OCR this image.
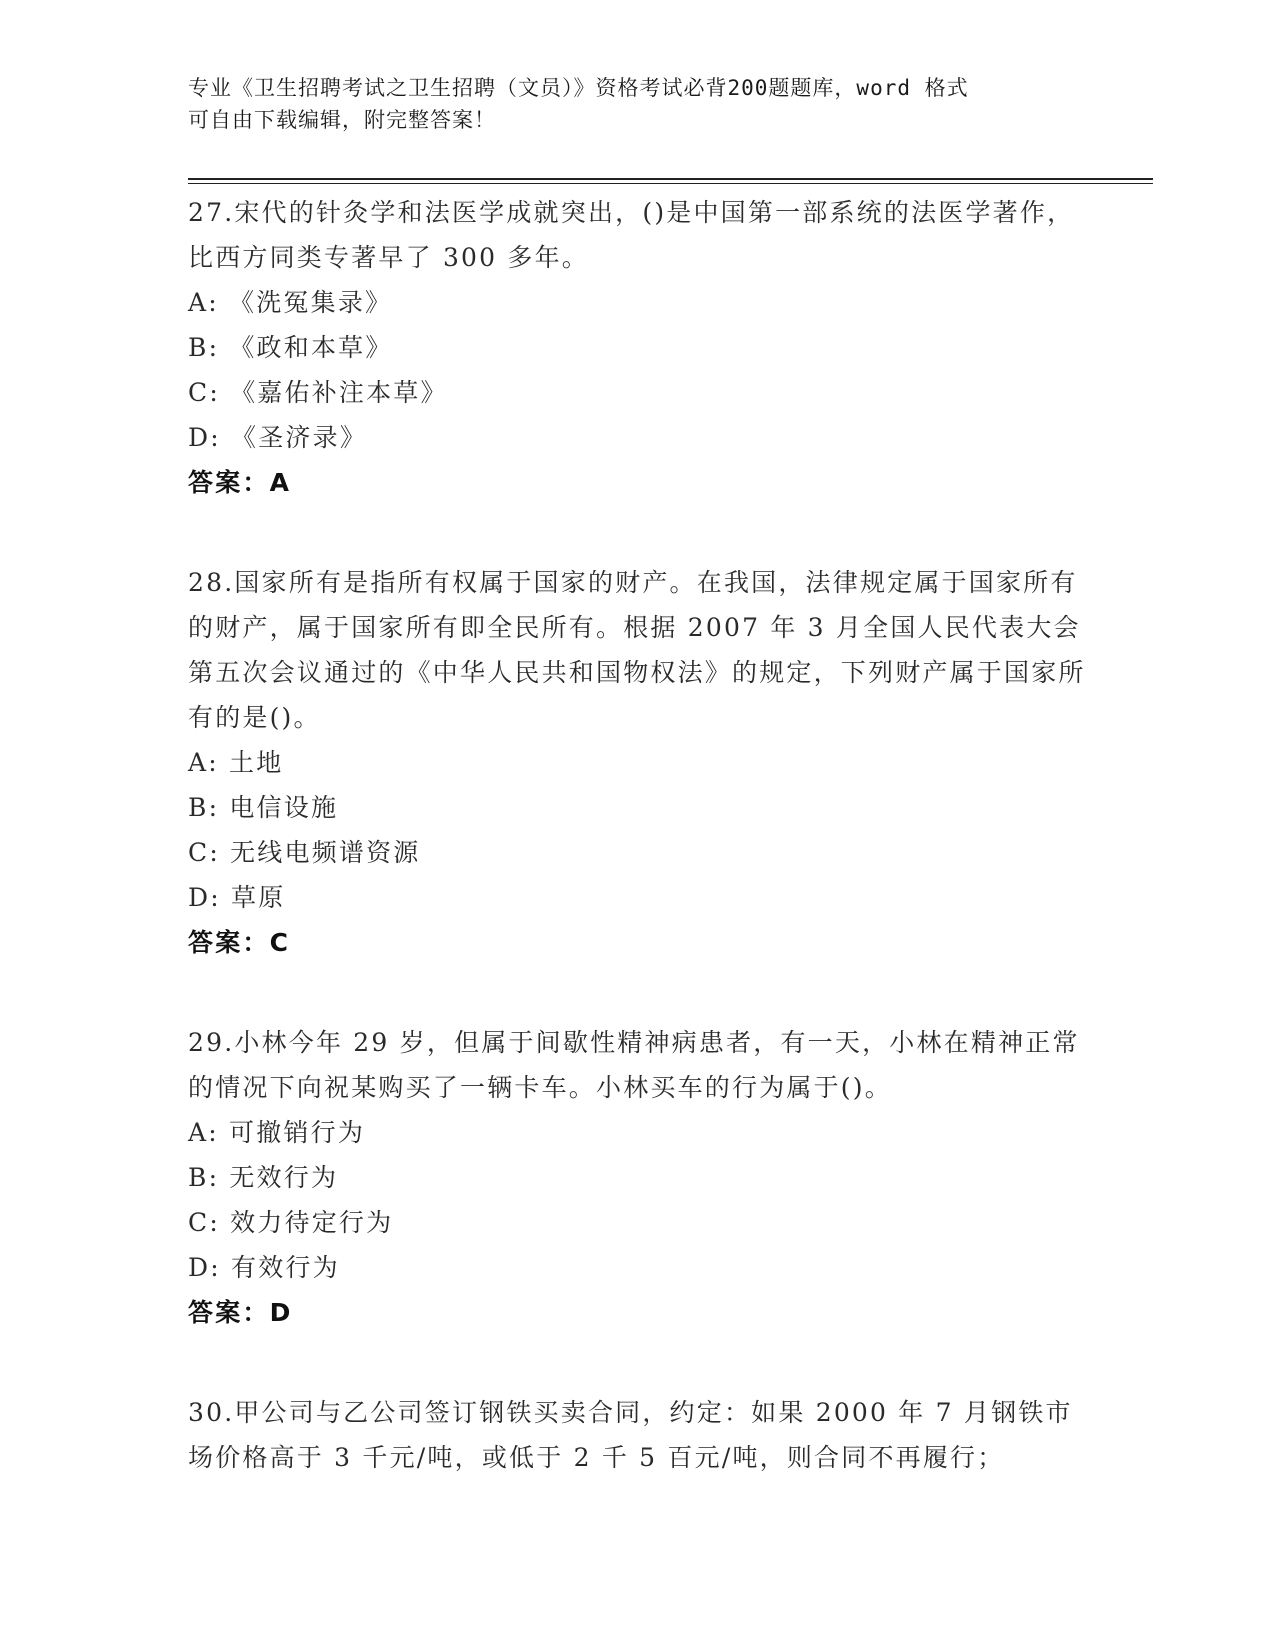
专业《卫生招聘考试之卫生招聘（文员）》资格考试必背200题题库，word 格式
可自由下载编辑，附完整答案！

27.宋代的针灸学和法医学成就突出，()是中国第一部系统的法医学著作，比西方同类专著早了 300 多年。

A: 《洗冤集录》

B: 《政和本草》

C: 《嘉佑补注本草》

D: 《圣济录》

答案：A

28.国家所有是指所有权属于国家的财产。在我国，法律规定属于国家所有的财产，属于国家所有即全民所有。根据 2007 年 3 月全国人民代表大会第五次会议通过的《中华人民共和国物权法》的规定，下列财产属于国家所有的是()。

A: 土地

B: 电信设施

C: 无线电频谱资源

D: 草原

答案：C

29.小林今年 29 岁，但属于间歇性精神病患者，有一天，小林在精神正常的情况下向祝某购买了一辆卡车。小林买车的行为属于()。

A: 可撤销行为

B: 无效行为

C: 效力待定行为

D: 有效行为

答案：D

30.甲公司与乙公司签订钢铁买卖合同，约定：如果 2000 年 7 月钢铁市场价格高于 3 千元/吨，或低于 2 千 5 百元/吨，则合同不再履行；
